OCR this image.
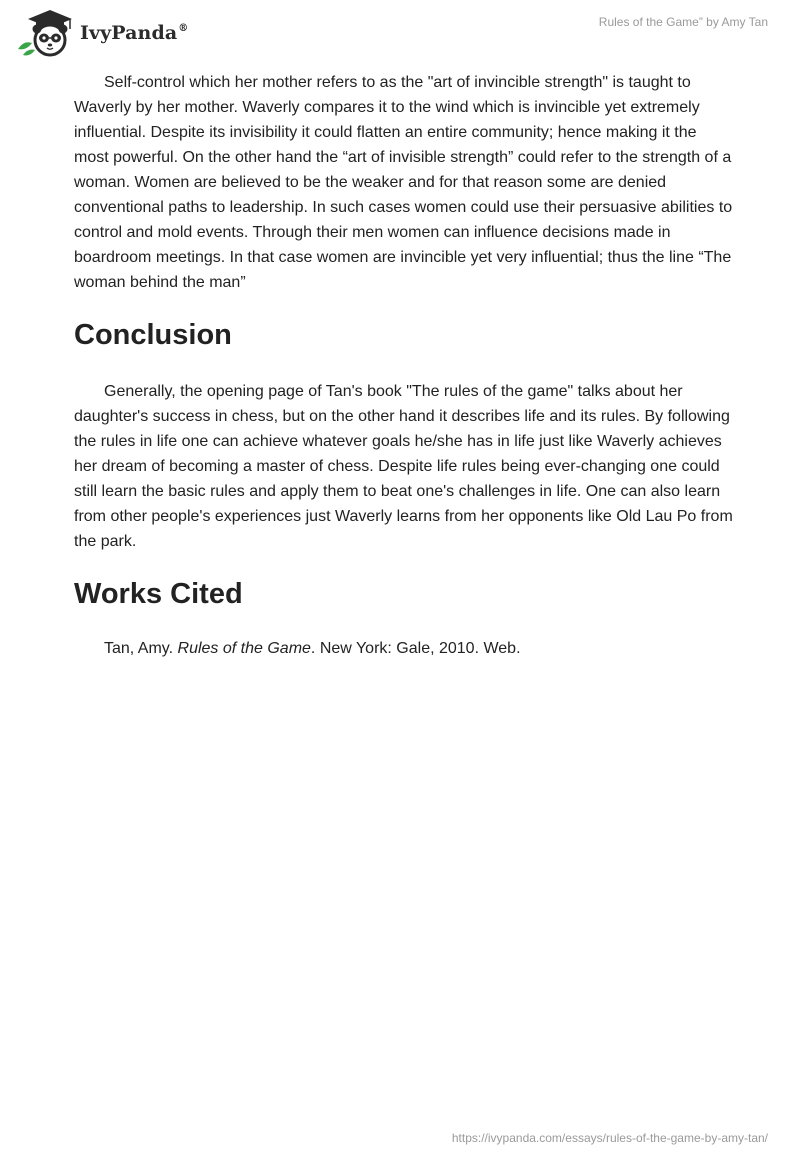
IvyPanda®	Rules of the Game” by Amy Tan

Self-control which her mother refers to as the "art of invincible strength" is taught to Waverly by her mother. Waverly compares it to the wind which is invincible yet extremely influential. Despite its invisibility it could flatten an entire community; hence making it the most powerful. On the other hand the “art of invisible strength” could refer to the strength of a woman. Women are believed to be the weaker and for that reason some are denied conventional paths to leadership. In such cases women could use their persuasive abilities to control and mold events. Through their men women can influence decisions made in boardroom meetings. In that case women are invincible yet very influential; thus the line “The woman behind the man”

Conclusion

Generally, the opening page of Tan's book "The rules of the game" talks about her daughter's success in chess, but on the other hand it describes life and its rules. By following the rules in life one can achieve whatever goals he/she has in life just like Waverly achieves her dream of becoming a master of chess. Despite life rules being ever-changing one could still learn the basic rules and apply them to beat one's challenges in life. One can also learn from other people's experiences just Waverly learns from her opponents like Old Lau Po from the park.

Works Cited

Tan, Amy. Rules of the Game. New York: Gale, 2010. Web.

https://ivypanda.com/essays/rules-of-the-game-by-amy-tan/
